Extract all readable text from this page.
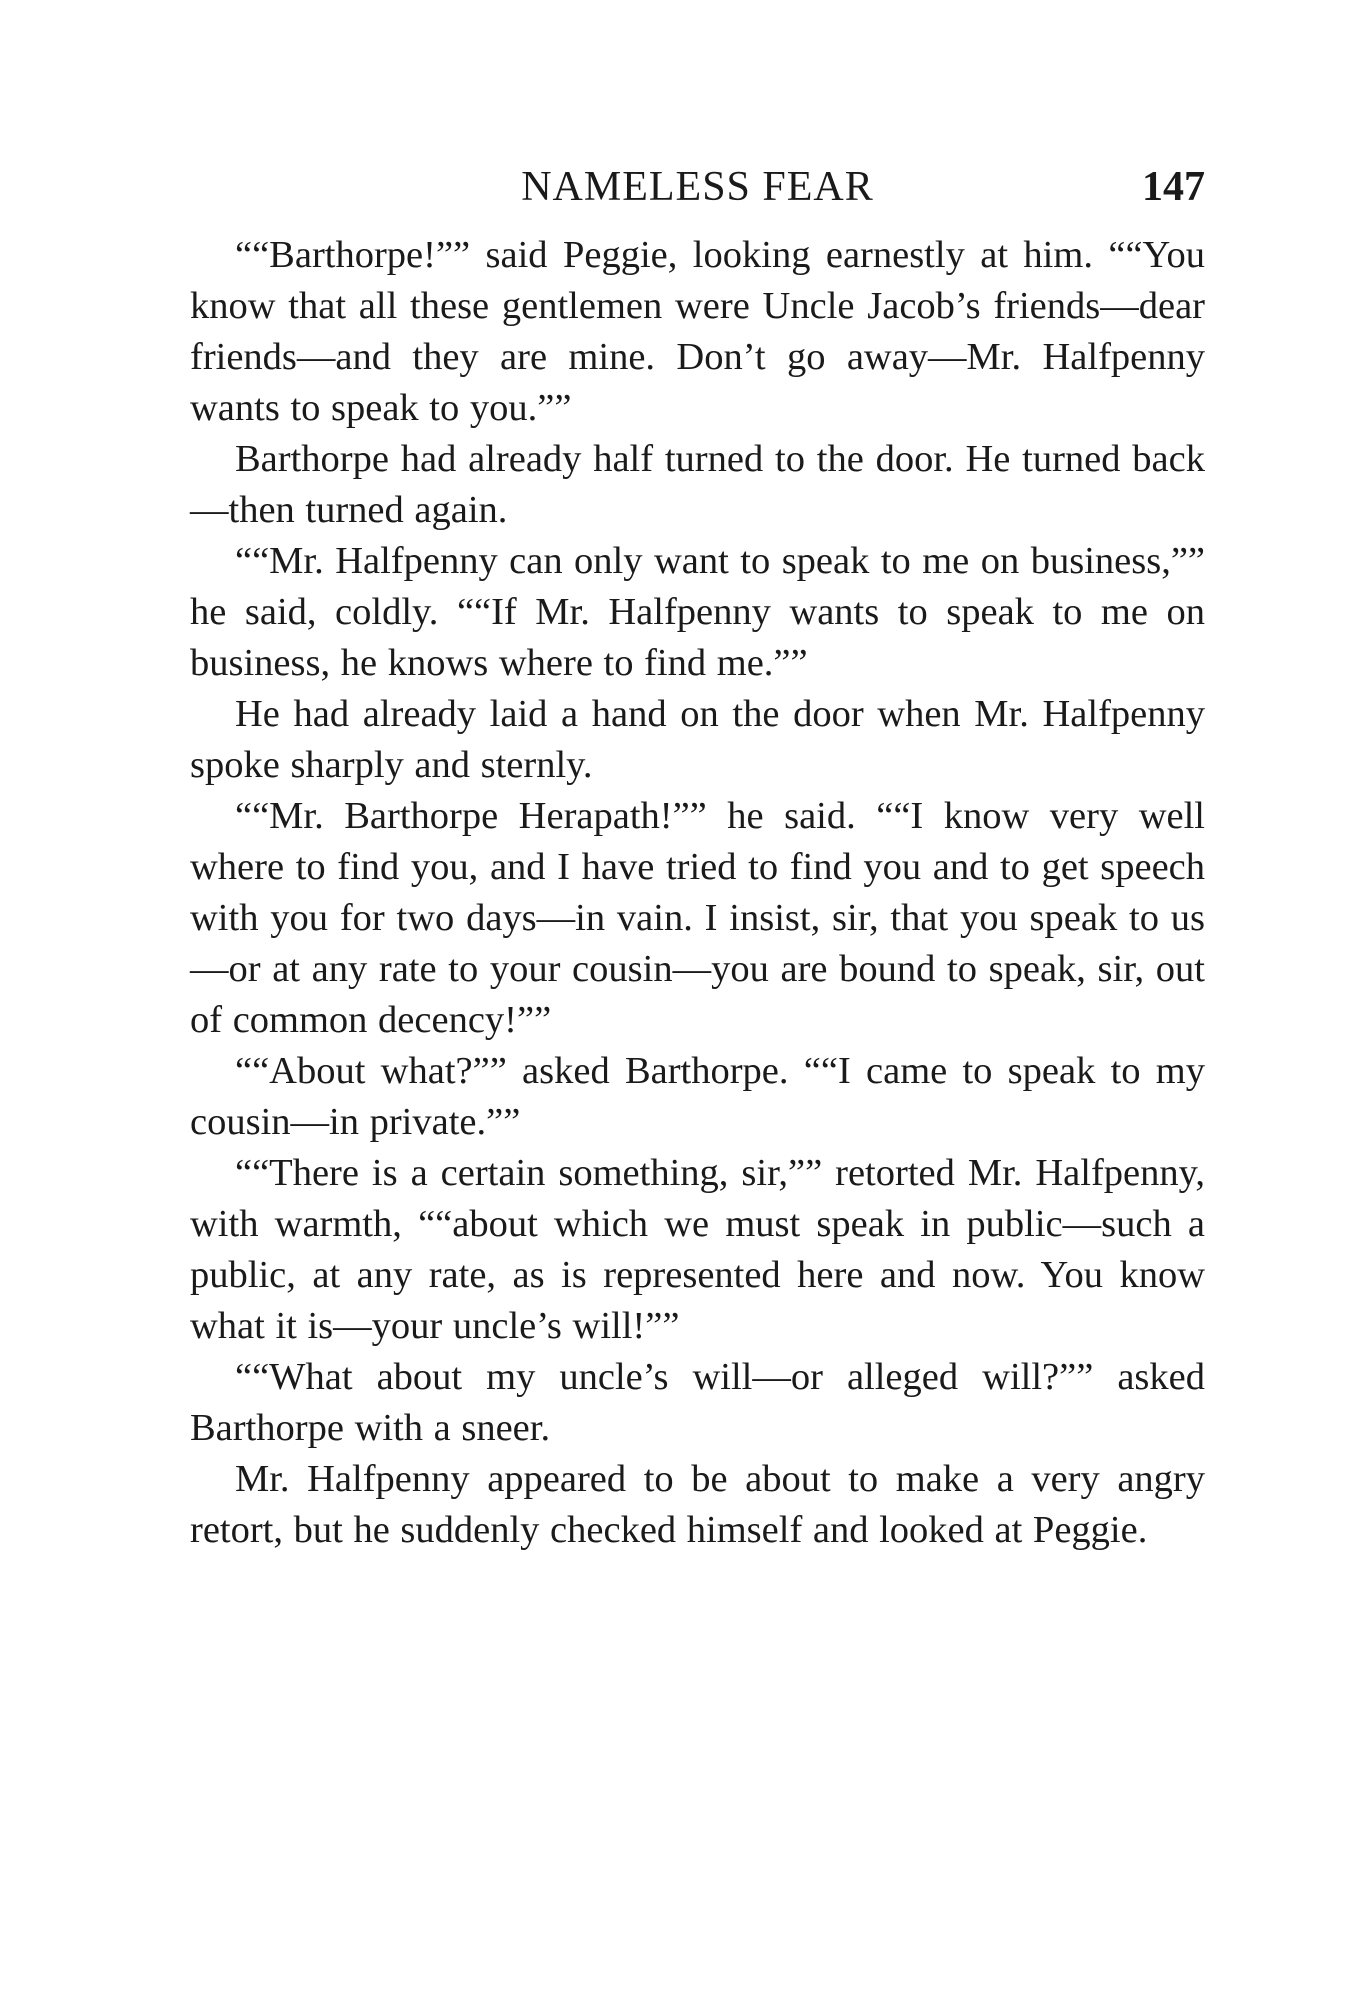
NAMELESS FEAR	147

““Barthorpe!”” said Peggie, looking earnestly at him. ““You know that all these gentlemen were Uncle Jacob’s friends—dear friends—and they are mine. Don’t go away—Mr. Halfpenny wants to speak to you.””

Barthorpe had already half turned to the door. He turned back—then turned again.

““Mr. Halfpenny can only want to speak to me on business,”” he said, coldly. ““If Mr. Halfpenny wants to speak to me on business, he knows where to find me.””

He had already laid a hand on the door when Mr. Halfpenny spoke sharply and sternly.

““Mr. Barthorpe Herapath!”” he said. ““I know very well where to find you, and I have tried to find you and to get speech with you for two days—in vain. I insist, sir, that you speak to us—or at any rate to your cousin—you are bound to speak, sir, out of common decency!””

““About what?”” asked Barthorpe. ““I came to speak to my cousin—in private.””

““There is a certain something, sir,”” retorted Mr. Halfpenny, with warmth, ““about which we must speak in public—such a public, at any rate, as is represented here and now. You know what it is—your uncle’s will!””

““What about my uncle’s will—or alleged will?”” asked Barthorpe with a sneer.

Mr. Halfpenny appeared to be about to make a very angry retort, but he suddenly checked himself and looked at Peggie.
